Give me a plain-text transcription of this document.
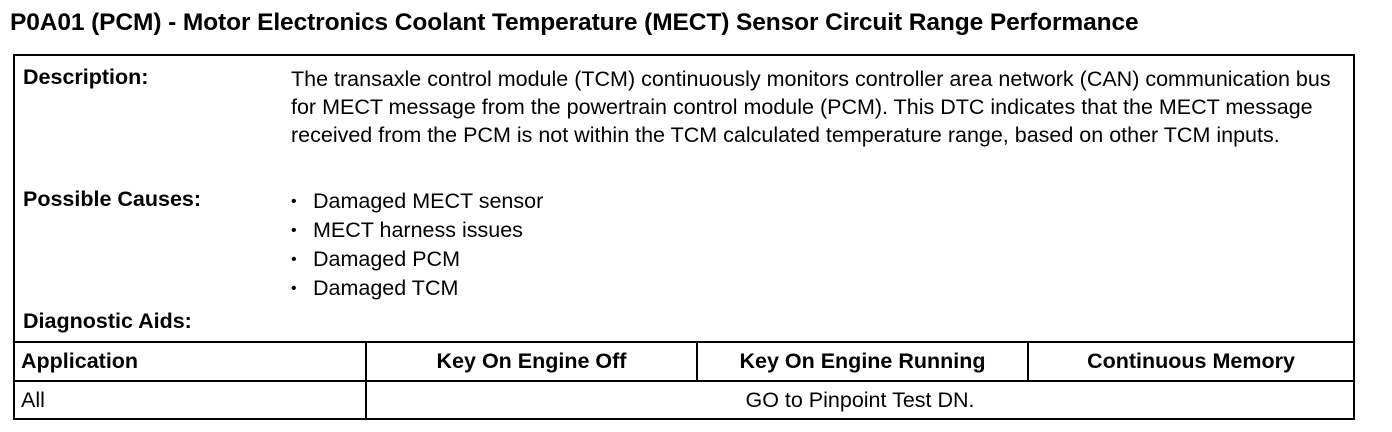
P0A01 (PCM) - Motor Electronics Coolant Temperature (MECT) Sensor Circuit Range Performance
Description:	The transaxle control module (TCM) continuously monitors controller area network (CAN) communication bus for MECT message from the powertrain control module (PCM). This DTC indicates that the MECT message received from the PCM is not within the TCM calculated temperature range, based on other TCM inputs.
Possible Causes:	• Damaged MECT sensor
• MECT harness issues
• Damaged PCM
• Damaged TCM
Diagnostic Aids:
Application	Key On Engine Off	Key On Engine Running	Continuous Memory
All	GO to Pinpoint Test DN.		
